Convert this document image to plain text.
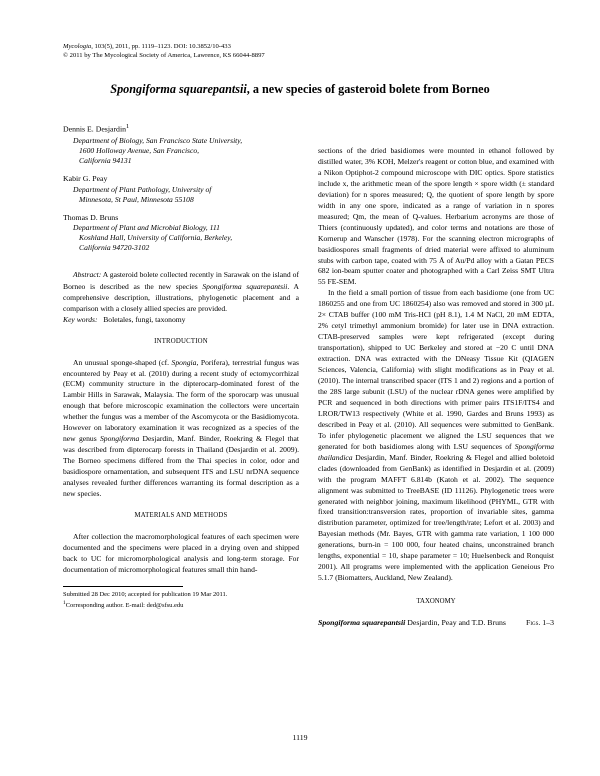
Mycologia, 103(5), 2011, pp. 1119–1123. DOI: 10.3852/10-433
© 2011 by The Mycological Society of America, Lawrence, KS 66044-8897
Spongiforma squarepantsii, a new species of gasteroid bolete from Borneo
Dennis E. Desjardin$^1$
Department of Biology, San Francisco State University,
1600 Holloway Avenue, San Francisco,
California 94131
Kabir G. Peay
Department of Plant Pathology, University of
Minnesota, St Paul, Minnesota 55108
Thomas D. Bruns
Department of Plant and Microbial Biology, 111
Koshland Hall, University of California, Berkeley,
California 94720-3102

Abstract: A gasteroid bolete collected recently in Sarawak on the island of Borneo is described as the new species Spongiforma squarepantsii. A comprehensive description, illustrations, phylogenetic placement and a comparison with a closely allied species are provided.

Key words:   Boletales, fungi, taxonomy

INTRODUCTION

An unusual sponge-shaped (cf. Spongia, Porifera), terrestrial fungus was encountered by Peay et al. (2010) during a recent study of ectomycorrhizal (ECM) community structure in the dipterocarp-dominated forest of the Lambir Hills in Sarawak, Malaysia. The form of the sporocarp was unusual enough that before microscopic examination the collectors were uncertain whether the fungus was a member of the Ascomycota or the Basidiomycota. However on laboratory examination it was recognized as a species of the new genus Spongiforma Desjardin, Manf. Binder, Roekring & Flegel that was described from dipterocarp forests in Thailand (Desjardin et al. 2009). The Borneo specimens differed from the Thai species in color, odor and basidiospore ornamentation, and subsequent ITS and LSU nrDNA sequence analyses revealed further differences warranting its formal description as a new species.

MATERIALS AND METHODS

After collection the macromorphological features of each specimen were documented and the specimens were placed in a drying oven and shipped back to UC for micromorphological analysis and long-term storage. For documentation of micromorphological features small thin hand-

Submitted 28 Dec 2010; accepted for publication 19 Mar 2011.
$^1$Corresponding author. E-mail: ded@sfsu.edu

sections of the dried basidiomes were mounted in ethanol followed by distilled water, 3% KOH, Melzer's reagent or cotton blue, and examined with a Nikon Optiphot-2 compound microscope with DIC optics. Spore statistics include x, the arithmetic mean of the spore length × spore width (± standard deviation) for n spores measured; Q, the quotient of spore length by spore width in any one spore, indicated as a range of variation in n spores measured; Qm, the mean of Q-values. Herbarium acronyms are those of Thiers (continuously updated), and color terms and notations are those of Kornerup and Wanscher (1978). For the scanning electron micrographs of basidiospores small fragments of dried material were affixed to aluminum stubs with carbon tape, coated with 75 Å of Au/Pd alloy with a Gatan PECS 682 ion-beam sputter coater and photographed with a Carl Zeiss SMT Ultra 55 FE-SEM.

In the field a small portion of tissue from each basidiome (one from UC 1860255 and one from UC 1860254) also was removed and stored in 300 µL 2× CTAB buffer (100 mM Tris-HCl (pH 8.1), 1.4 M NaCl, 20 mM EDTA, 2% cetyl trimethyl ammonium bromide) for later use in DNA extraction. CTAB-preserved samples were kept refrigerated (except during transportation), shipped to UC Berkeley and stored at −20 C until DNA extraction. DNA was extracted with the DNeasy Tissue Kit (QIAGEN Sciences, Valencia, California) with slight modifications as in Peay et al. (2010). The internal transcribed spacer (ITS 1 and 2) regions and a portion of the 28S large subunit (LSU) of the nuclear rDNA genes were amplified by PCR and sequenced in both directions with primer pairs ITS1F/ITS4 and LROR/TW13 respectively (White et al. 1990, Gardes and Bruns 1993) as described in Peay et al. (2010). All sequences were submitted to GenBank. To infer phylogenetic placement we aligned the LSU sequences that we generated for both basidiomes along with LSU sequences of Spongiforma thailandica Desjardin, Manf. Binder, Roekring & Flegel and allied boletoid clades (downloaded from GenBank) as identified in Desjardin et al. (2009) with the program MAFFT 6.814b (Katoh et al. 2002). The sequence alignment was submitted to TreeBASE (ID 11126). Phylogenetic trees were generated with neighbor joining, maximum likelihood (PHYML, GTR with fixed transition:transversion rates, proportion of invariable sites, gamma distribution parameter, optimized for tree/length/rate; Lefort et al. 2003) and Bayesian methods (Mr. Bayes, GTR with gamma rate variation, 1 100 000 generations, burn-in = 100 000, four heated chains, unconstrained branch lengths, exponential = 10, shape parameter = 10; Huelsenbeck and Ronquist 2001). All programs were implemented with the application Geneious Pro 5.1.7 (Biomatters, Auckland, New Zealand).

TAXONOMY
Spongiforma squarepantsii Desjardin, Peay and T.D. Bruns	Figs. 1–3
1119
